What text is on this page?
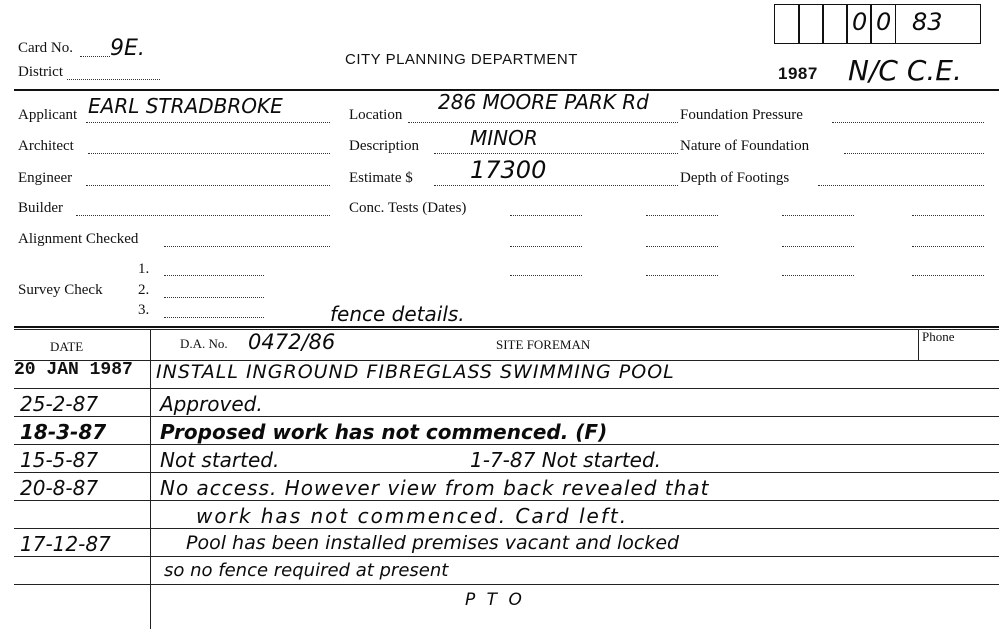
Card No. 9E.
District
CITY PLANNING DEPARTMENT
0 0 83
1987 N/C C.E.
Applicant EARL STRADBROKE
Architect
Engineer
Builder
Alignment Checked
1.
Survey Check 2.
3.
Location
286 MOORE PARK Rd
Description	MINOR
Estimate $ 17300
Conc. Tests (Dates)
fence details.
Foundation Pressure
Nature of Foundation
Depth of Footings
DATE	D.A. No. 0472/86	SITE FOREMAN
Phone
20 JAN 1987 INSTALL INGROUND FIBREGLASS SWIMMING POOL
25-2-87	Approved.
18-3-87	Proposed work has not commenced. (F)
15-5-87	Not started.	1-7-87 Not started.
20-8-87	No access. However view from back revealed that
work has not commenced. Card left.
17-12-87	Pool has been installed premises vacant and locked
so no fence required at present
P T O
